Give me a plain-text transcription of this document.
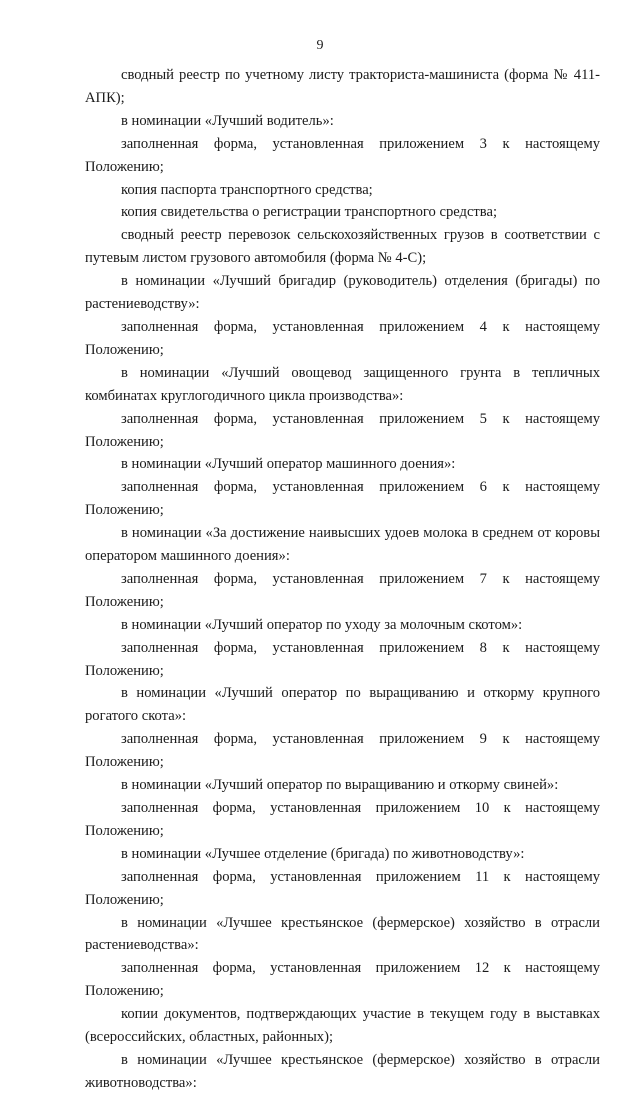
9

сводный реестр по учетному листу тракториста-машиниста (форма № 411-АПК);

в номинации «Лучший водитель»:

заполненная форма, установленная приложением 3 к настоящему Положению;

копия паспорта транспортного средства;

копия свидетельства о регистрации транспортного средства;

сводный реестр перевозок сельскохозяйственных грузов в соответствии с путевым листом грузового автомобиля (форма № 4-С);

в номинации «Лучший бригадир (руководитель) отделения (бригады) по растениеводству»:

заполненная форма, установленная приложением 4 к настоящему Положению;

в номинации «Лучший овощевод защищенного грунта в тепличных комбинатах круглогодичного цикла производства»:

заполненная форма, установленная приложением 5 к настоящему Положению;

в номинации «Лучший оператор машинного доения»:

заполненная форма, установленная приложением 6 к настоящему Положению;

в номинации «За достижение наивысших удоев молока в среднем от коровы оператором машинного доения»:

заполненная форма, установленная приложением 7 к настоящему Положению;

в номинации «Лучший оператор по уходу за молочным скотом»:

заполненная форма, установленная приложением 8 к настоящему Положению;

в номинации «Лучший оператор по выращиванию и откорму крупного рогатого скота»:

заполненная форма, установленная приложением 9 к настоящему Положению;

в номинации «Лучший оператор по выращиванию и откорму свиней»:

заполненная форма, установленная приложением 10 к настоящему Положению;

в номинации «Лучшее отделение (бригада) по животноводству»:

заполненная форма, установленная приложением 11 к настоящему Положению;

в номинации «Лучшее крестьянское (фермерское) хозяйство в отрасли растениеводства»:

заполненная форма, установленная приложением 12 к настоящему Положению;

копии документов, подтверждающих участие в текущем году в выставках (всероссийских, областных, районных);

в номинации «Лучшее крестьянское (фермерское) хозяйство в отрасли животноводства»:
